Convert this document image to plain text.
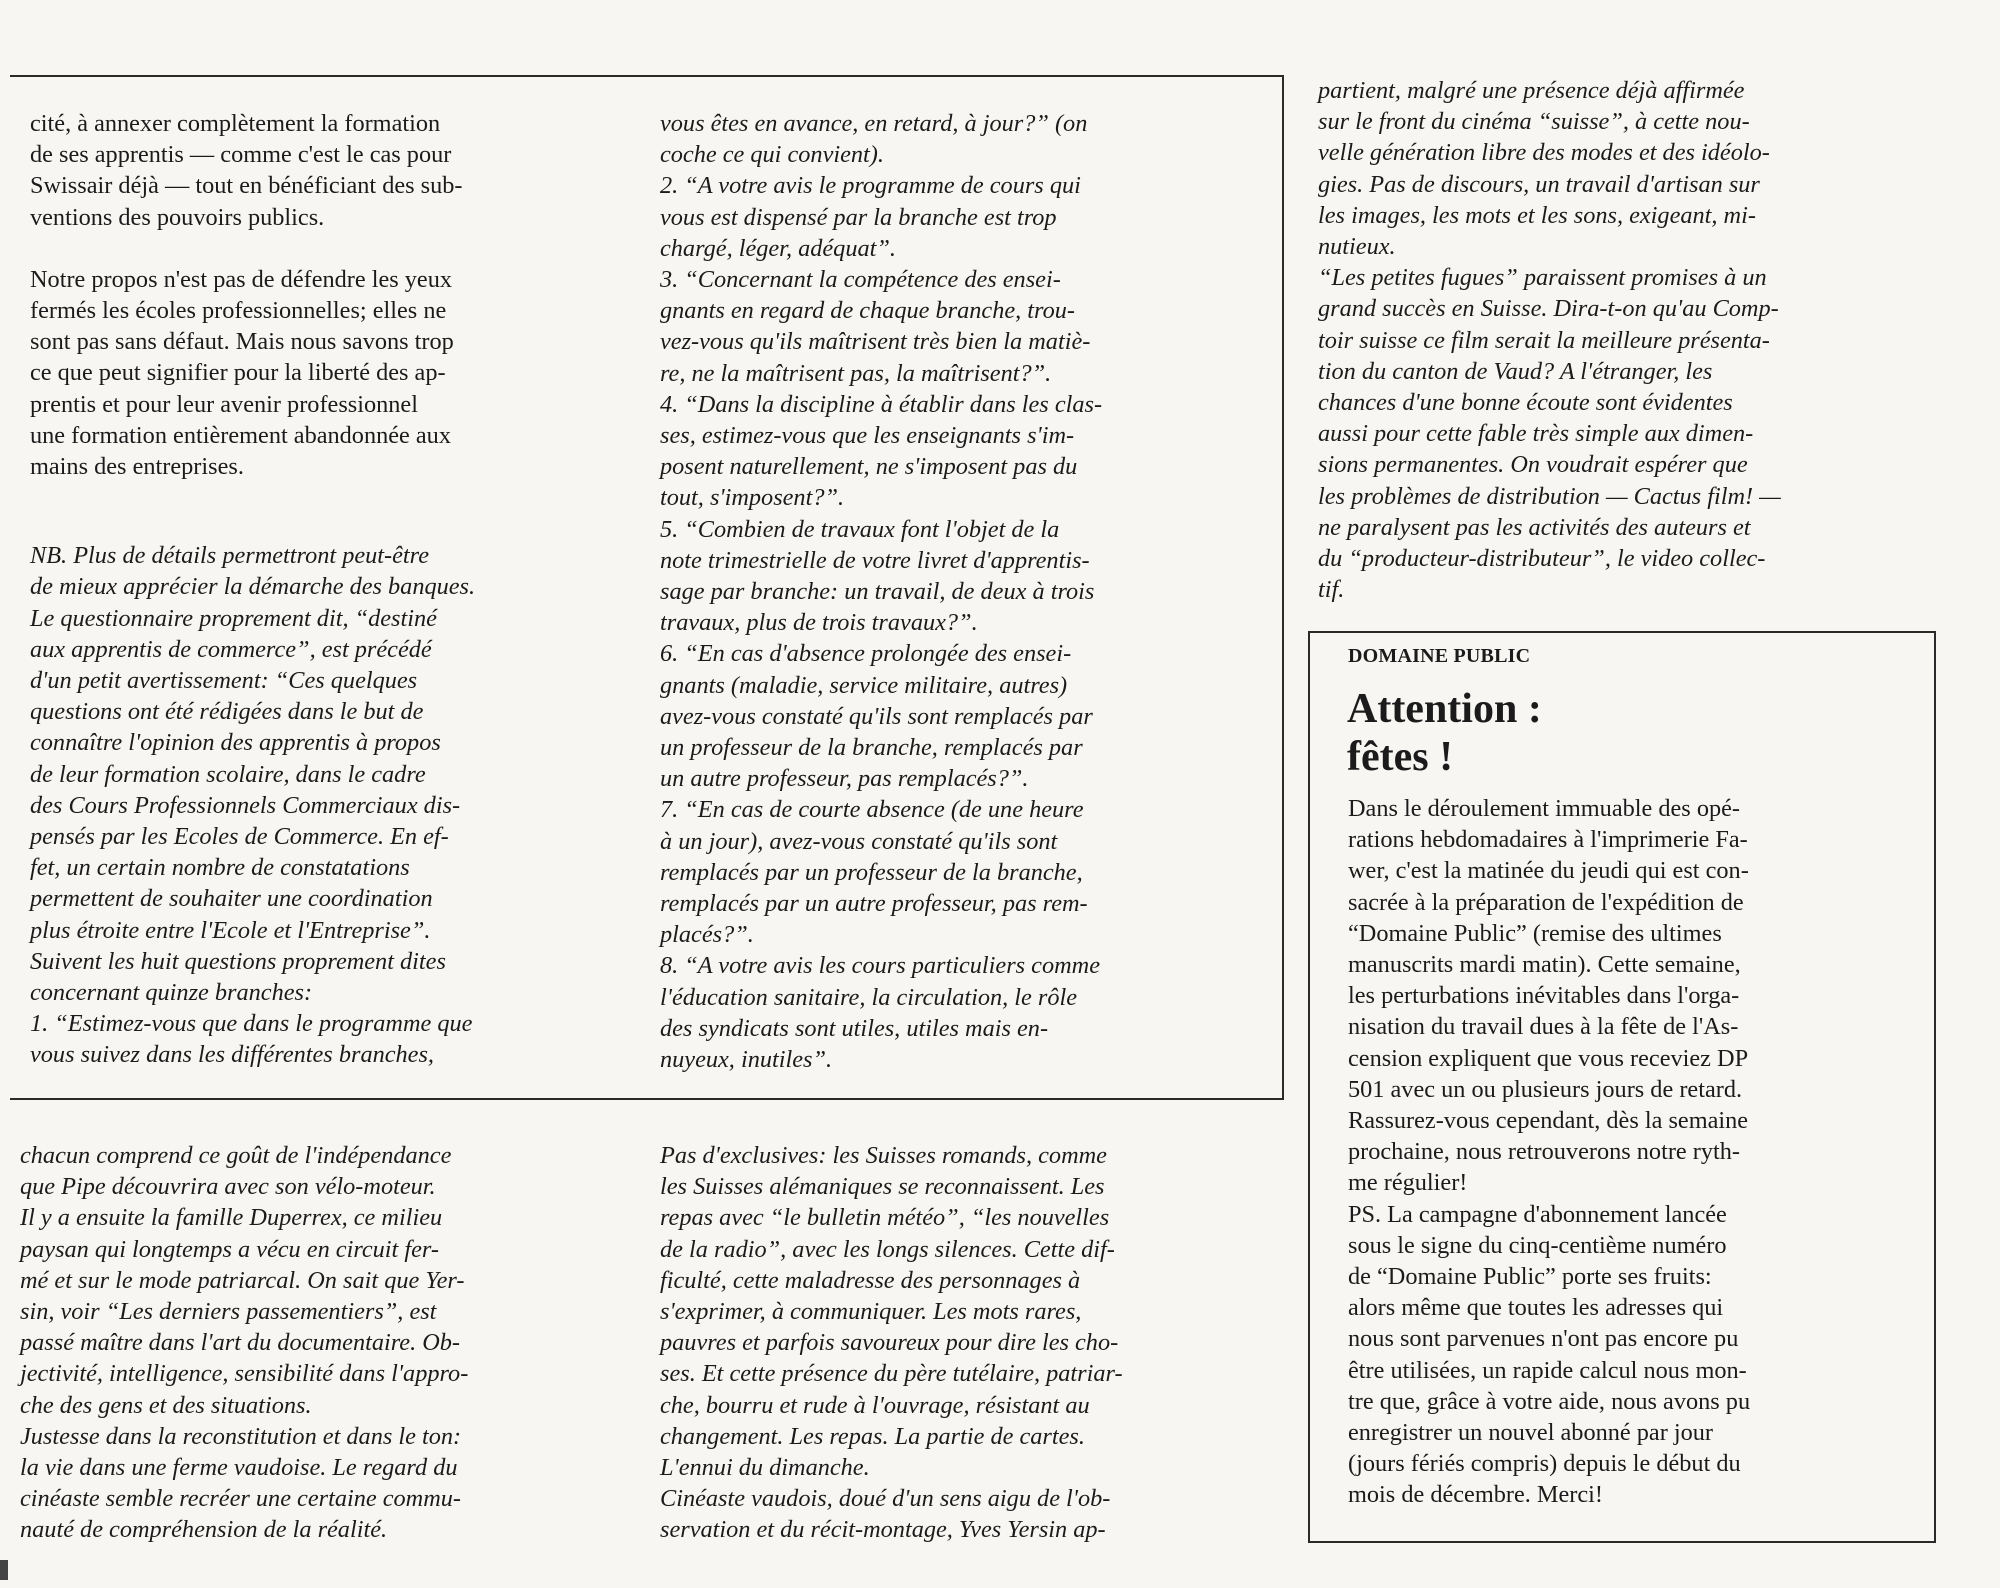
cité, à annexer complètement la formation

de ses apprentis — comme c'est le cas pour

Swissair déjà — tout en bénéficiant des sub-

ventions des pouvoirs publics.

Notre propos n'est pas de défendre les yeux

fermés les écoles professionnelles; elles ne

sont pas sans défaut. Mais nous savons trop

ce que peut signifier pour la liberté des ap-

prentis et pour leur avenir professionnel

une formation entièrement abandonnée aux

mains des entreprises.

NB. Plus de détails permettront peut-être

de mieux apprécier la démarche des banques.

Le questionnaire proprement dit, “destiné

aux apprentis de commerce”, est précédé

d'un petit avertissement: “Ces quelques

questions ont été rédigées dans le but de

connaître l'opinion des apprentis à propos

de leur formation scolaire, dans le cadre

des Cours Professionnels Commerciaux dis-

pensés par les Ecoles de Commerce. En ef-

fet, un certain nombre de constatations

permettent de souhaiter une coordination

plus étroite entre l'Ecole et l'Entreprise”.

Suivent les huit questions proprement dites

concernant quinze branches:

1. “Estimez-vous que dans le programme que

vous suivez dans les différentes branches,

vous êtes en avance, en retard, à jour?” (on

coche ce qui convient).

2. “A votre avis le programme de cours qui

vous est dispensé par la branche est trop

chargé, léger, adéquat”.

3. “Concernant la compétence des ensei-

gnants en regard de chaque branche, trou-

vez-vous qu'ils maîtrisent très bien la matiè-

re, ne la maîtrisent pas, la maîtrisent?”.

4. “Dans la discipline à établir dans les clas-

ses, estimez-vous que les enseignants s'im-

posent naturellement, ne s'imposent pas du

tout, s'imposent?”.

5. “Combien de travaux font l'objet de la

note trimestrielle de votre livret d'apprentis-

sage par branche: un travail, de deux à trois

travaux, plus de trois travaux?”.

6. “En cas d'absence prolongée des ensei-

gnants (maladie, service militaire, autres)

avez-vous constaté qu'ils sont remplacés par

un professeur de la branche, remplacés par

un autre professeur, pas remplacés?”.

7. “En cas de courte absence (de une heure

à un jour), avez-vous constaté qu'ils sont

remplacés par un professeur de la branche,

remplacés par un autre professeur, pas rem-

placés?”.

8. “A votre avis les cours particuliers comme

l'éducation sanitaire, la circulation, le rôle

des syndicats sont utiles, utiles mais en-

nuyeux, inutiles”.

partient, malgré une présence déjà affirmée

sur le front du cinéma “suisse”, à cette nou-

velle génération libre des modes et des idéolo-

gies. Pas de discours, un travail d'artisan sur

les images, les mots et les sons, exigeant, mi-

nutieux.

“Les petites fugues” paraissent promises à un

grand succès en Suisse. Dira-t-on qu'au Comp-

toir suisse ce film serait la meilleure présenta-

tion du canton de Vaud? A l'étranger, les

chances d'une bonne écoute sont évidentes

aussi pour cette fable très simple aux dimen-

sions permanentes. On voudrait espérer que

les problèmes de distribution — Cactus film! —

ne paralysent pas les activités des auteurs et

du “producteur-distributeur”, le video collec-

tif.

chacun comprend ce goût de l'indépendance

que Pipe découvrira avec son vélo-moteur.

Il y a ensuite la famille Duperrex, ce milieu

paysan qui longtemps a vécu en circuit fer-

mé et sur le mode patriarcal. On sait que Yer-

sin, voir “Les derniers passementiers”, est

passé maître dans l'art du documentaire. Ob-

jectivité, intelligence, sensibilité dans l'appro-

che des gens et des situations.

Justesse dans la reconstitution et dans le ton:

la vie dans une ferme vaudoise. Le regard du

cinéaste semble recréer une certaine commu-

nauté de compréhension de la réalité.

Pas d'exclusives: les Suisses romands, comme

les Suisses alémaniques se reconnaissent. Les

repas avec “le bulletin météo”, “les nouvelles

de la radio”, avec les longs silences. Cette dif-

ficulté, cette maladresse des personnages à

s'exprimer, à communiquer. Les mots rares,

pauvres et parfois savoureux pour dire les cho-

ses. Et cette présence du père tutélaire, patriar-

che, bourru et rude à l'ouvrage, résistant au

changement. Les repas. La partie de cartes.

L'ennui du dimanche.

Cinéaste vaudois, doué d'un sens aigu de l'ob-

servation et du récit-montage, Yves Yersin ap-

DOMAINE PUBLIC
Attention :
fêtes !

Dans le déroulement immuable des opé-

rations hebdomadaires à l'imprimerie Fa-

wer, c'est la matinée du jeudi qui est con-

sacrée à la préparation de l'expédition de

“Domaine Public” (remise des ultimes

manuscrits mardi matin). Cette semaine,

les perturbations inévitables dans l'orga-

nisation du travail dues à la fête de l'As-

cension expliquent que vous receviez DP

501 avec un ou plusieurs jours de retard.

Rassurez-vous cependant, dès la semaine

prochaine, nous retrouverons notre ryth-

me régulier!

PS. La campagne d'abonnement lancée

sous le signe du cinq-centième numéro

de “Domaine Public” porte ses fruits:

alors même que toutes les adresses qui

nous sont parvenues n'ont pas encore pu

être utilisées, un rapide calcul nous mon-

tre que, grâce à votre aide, nous avons pu

enregistrer un nouvel abonné par jour

(jours fériés compris) depuis le début du

mois de décembre. Merci!
